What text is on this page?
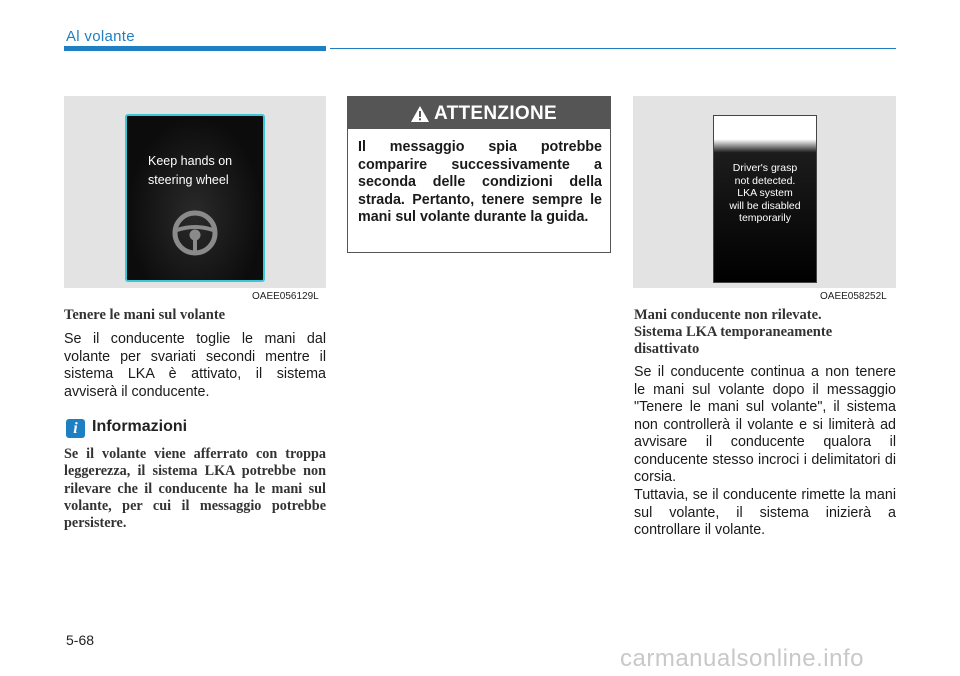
Al volante
Keep hands on
steering wheel
OAEE056129L
ATTENZIONE
Il messaggio spia potrebbe comparire successivamente a seconda delle condizioni della strada. Pertanto, tenere sempre le mani sul volante durante la guida.
Driver's grasp
not detected.
LKA system
will be disabled
temporarily
OAEE058252L
Tenere le mani sul volante
Se il conducente toglie le mani dal volante per svariati secondi mentre il sistema LKA è attivato, il sistema avviserà il conducente.
i Informazioni
Se il volante viene afferrato con troppa leggerezza, il sistema LKA potrebbe non rilevare che il conducente ha le mani sul volante, per cui il messaggio potrebbe persistere.
Mani conducente non rilevate.
Sistema LKA temporaneamente
disattivato
Se il conducente continua a non tenere le mani sul volante dopo il messaggio "Tenere le mani sul volante", il sistema non controllerà il volante e si limiterà ad avvisare il conducente qualora il conducente stesso incroci i delimitatori di corsia.
Tuttavia, se il conducente rimette la mani sul volante, il sistema inizierà a controllare il volante.
5-68
carmanualsonline.info
